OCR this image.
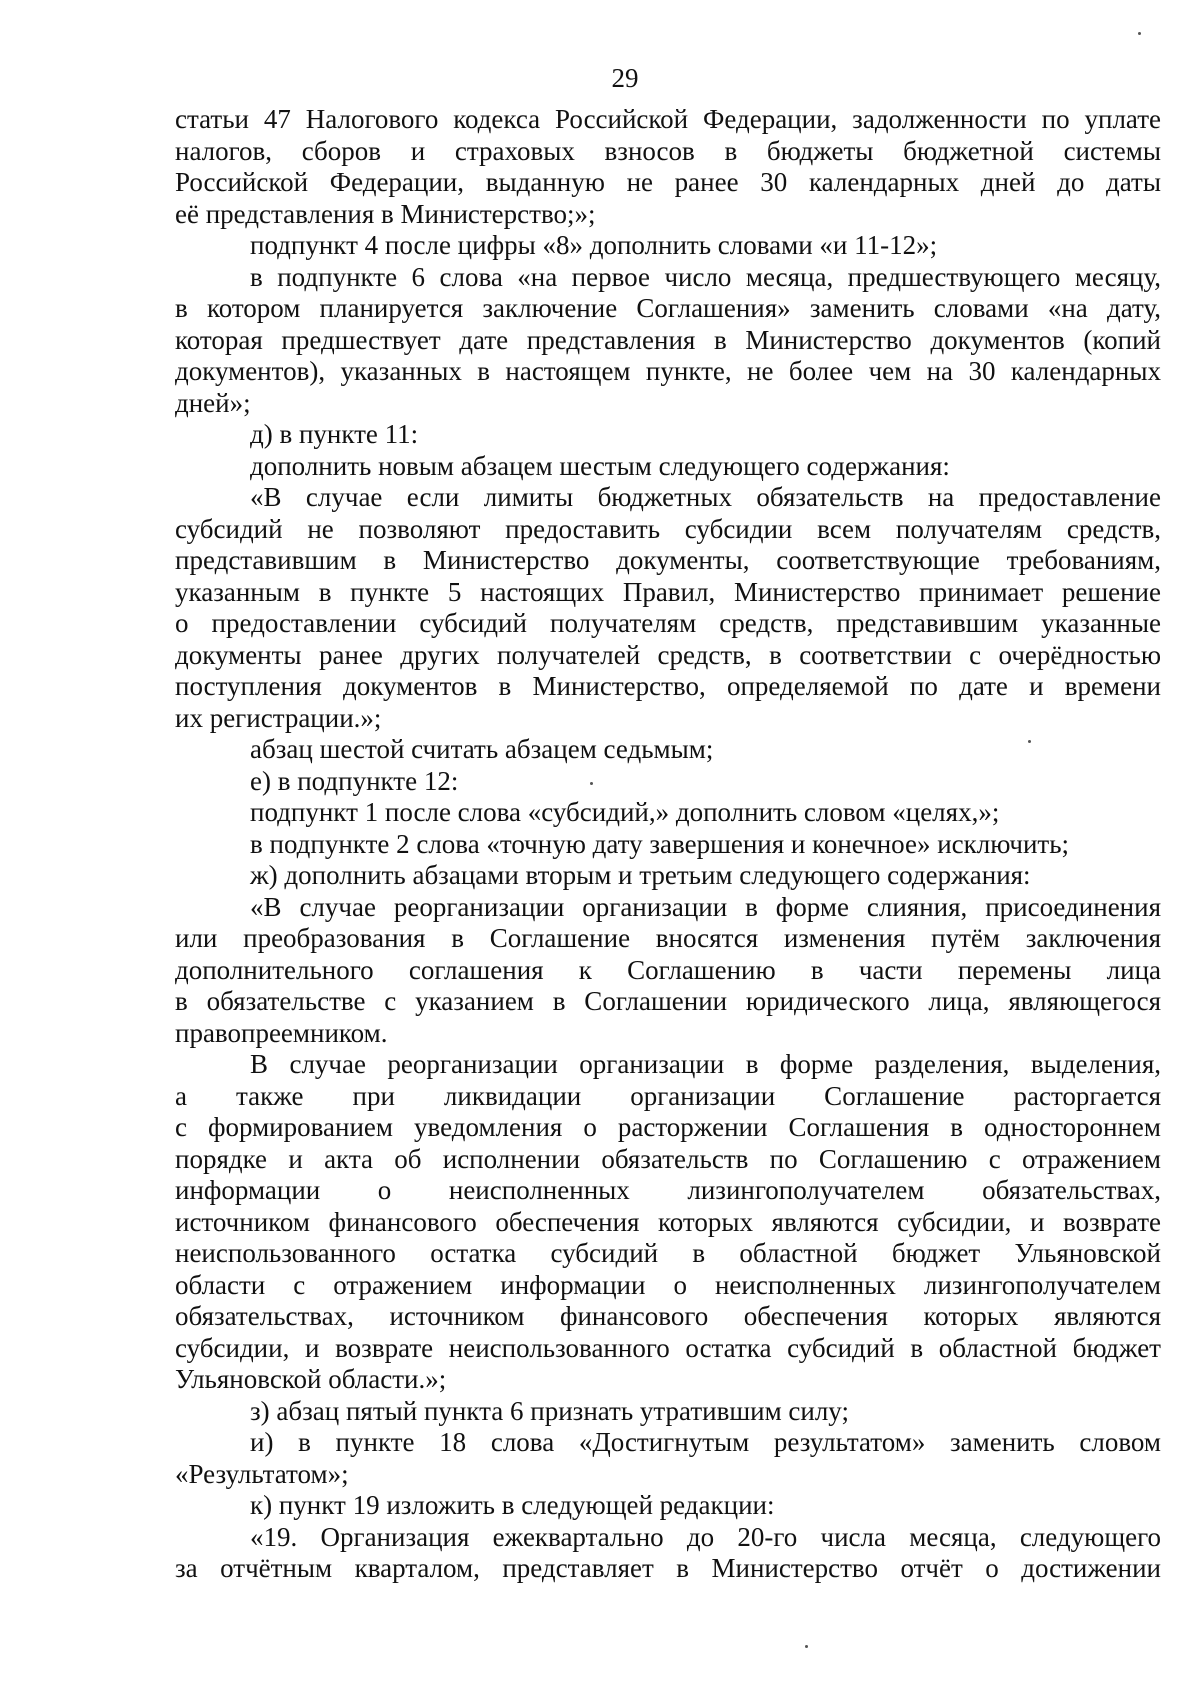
29
статьи 47 Налогового кодекса Российской Федерации, задолженности по уплате
налогов, сборов и страховых взносов в бюджеты бюджетной системы
Российской Федерации, выданную не ранее 30 календарных дней до даты
её представления в Министерство;»;
подпункт 4 после цифры «8» дополнить словами «и 11-12»;
в подпункте 6 слова «на первое число месяца, предшествующего месяцу,
в котором планируется заключение Соглашения» заменить словами «на дату,
которая предшествует дате представления в Министерство документов (копий
документов), указанных в настоящем пункте, не более чем на 30 календарных
дней»;
д) в пункте 11:
дополнить новым абзацем шестым следующего содержания:
«В случае если лимиты бюджетных обязательств на предоставление
субсидий не позволяют предоставить субсидии всем получателям средств,
представившим в Министерство документы, соответствующие требованиям,
указанным в пункте 5 настоящих Правил, Министерство принимает решение
о предоставлении субсидий получателям средств, представившим указанные
документы ранее других получателей средств, в соответствии с очерёдностью
поступления документов в Министерство, определяемой по дате и времени
их регистрации.»;
абзац шестой считать абзацем седьмым;
е) в подпункте 12:
подпункт 1 после слова «субсидий,» дополнить словом «целях,»;
в подпункте 2 слова «точную дату завершения и конечное» исключить;
ж) дополнить абзацами вторым и третьим следующего содержания:
«В случае реорганизации организации в форме слияния, присоединения
или преобразования в Соглашение вносятся изменения путём заключения
дополнительного соглашения к Соглашению в части перемены лица
в обязательстве с указанием в Соглашении юридического лица, являющегося
правопреемником.
В случае реорганизации организации в форме разделения, выделения,
а также при ликвидации организации Соглашение расторгается
с формированием уведомления о расторжении Соглашения в одностороннем
порядке и акта об исполнении обязательств по Соглашению с отражением
информации о неисполненных лизингополучателем обязательствах,
источником финансового обеспечения которых являются субсидии, и возврате
неиспользованного остатка субсидий в областной бюджет Ульяновской
области с отражением информации о неисполненных лизингополучателем
обязательствах, источником финансового обеспечения которых являются
субсидии, и возврате неиспользованного остатка субсидий в областной бюджет
Ульяновской области.»;
з) абзац пятый пункта 6 признать утратившим силу;
и) в пункте 18 слова «Достигнутым результатом» заменить словом
«Результатом»;
к) пункт 19 изложить в следующей редакции:
«19. Организация ежеквартально до 20-го числа месяца, следующего
за отчётным кварталом, представляет в Министерство отчёт о достижении
